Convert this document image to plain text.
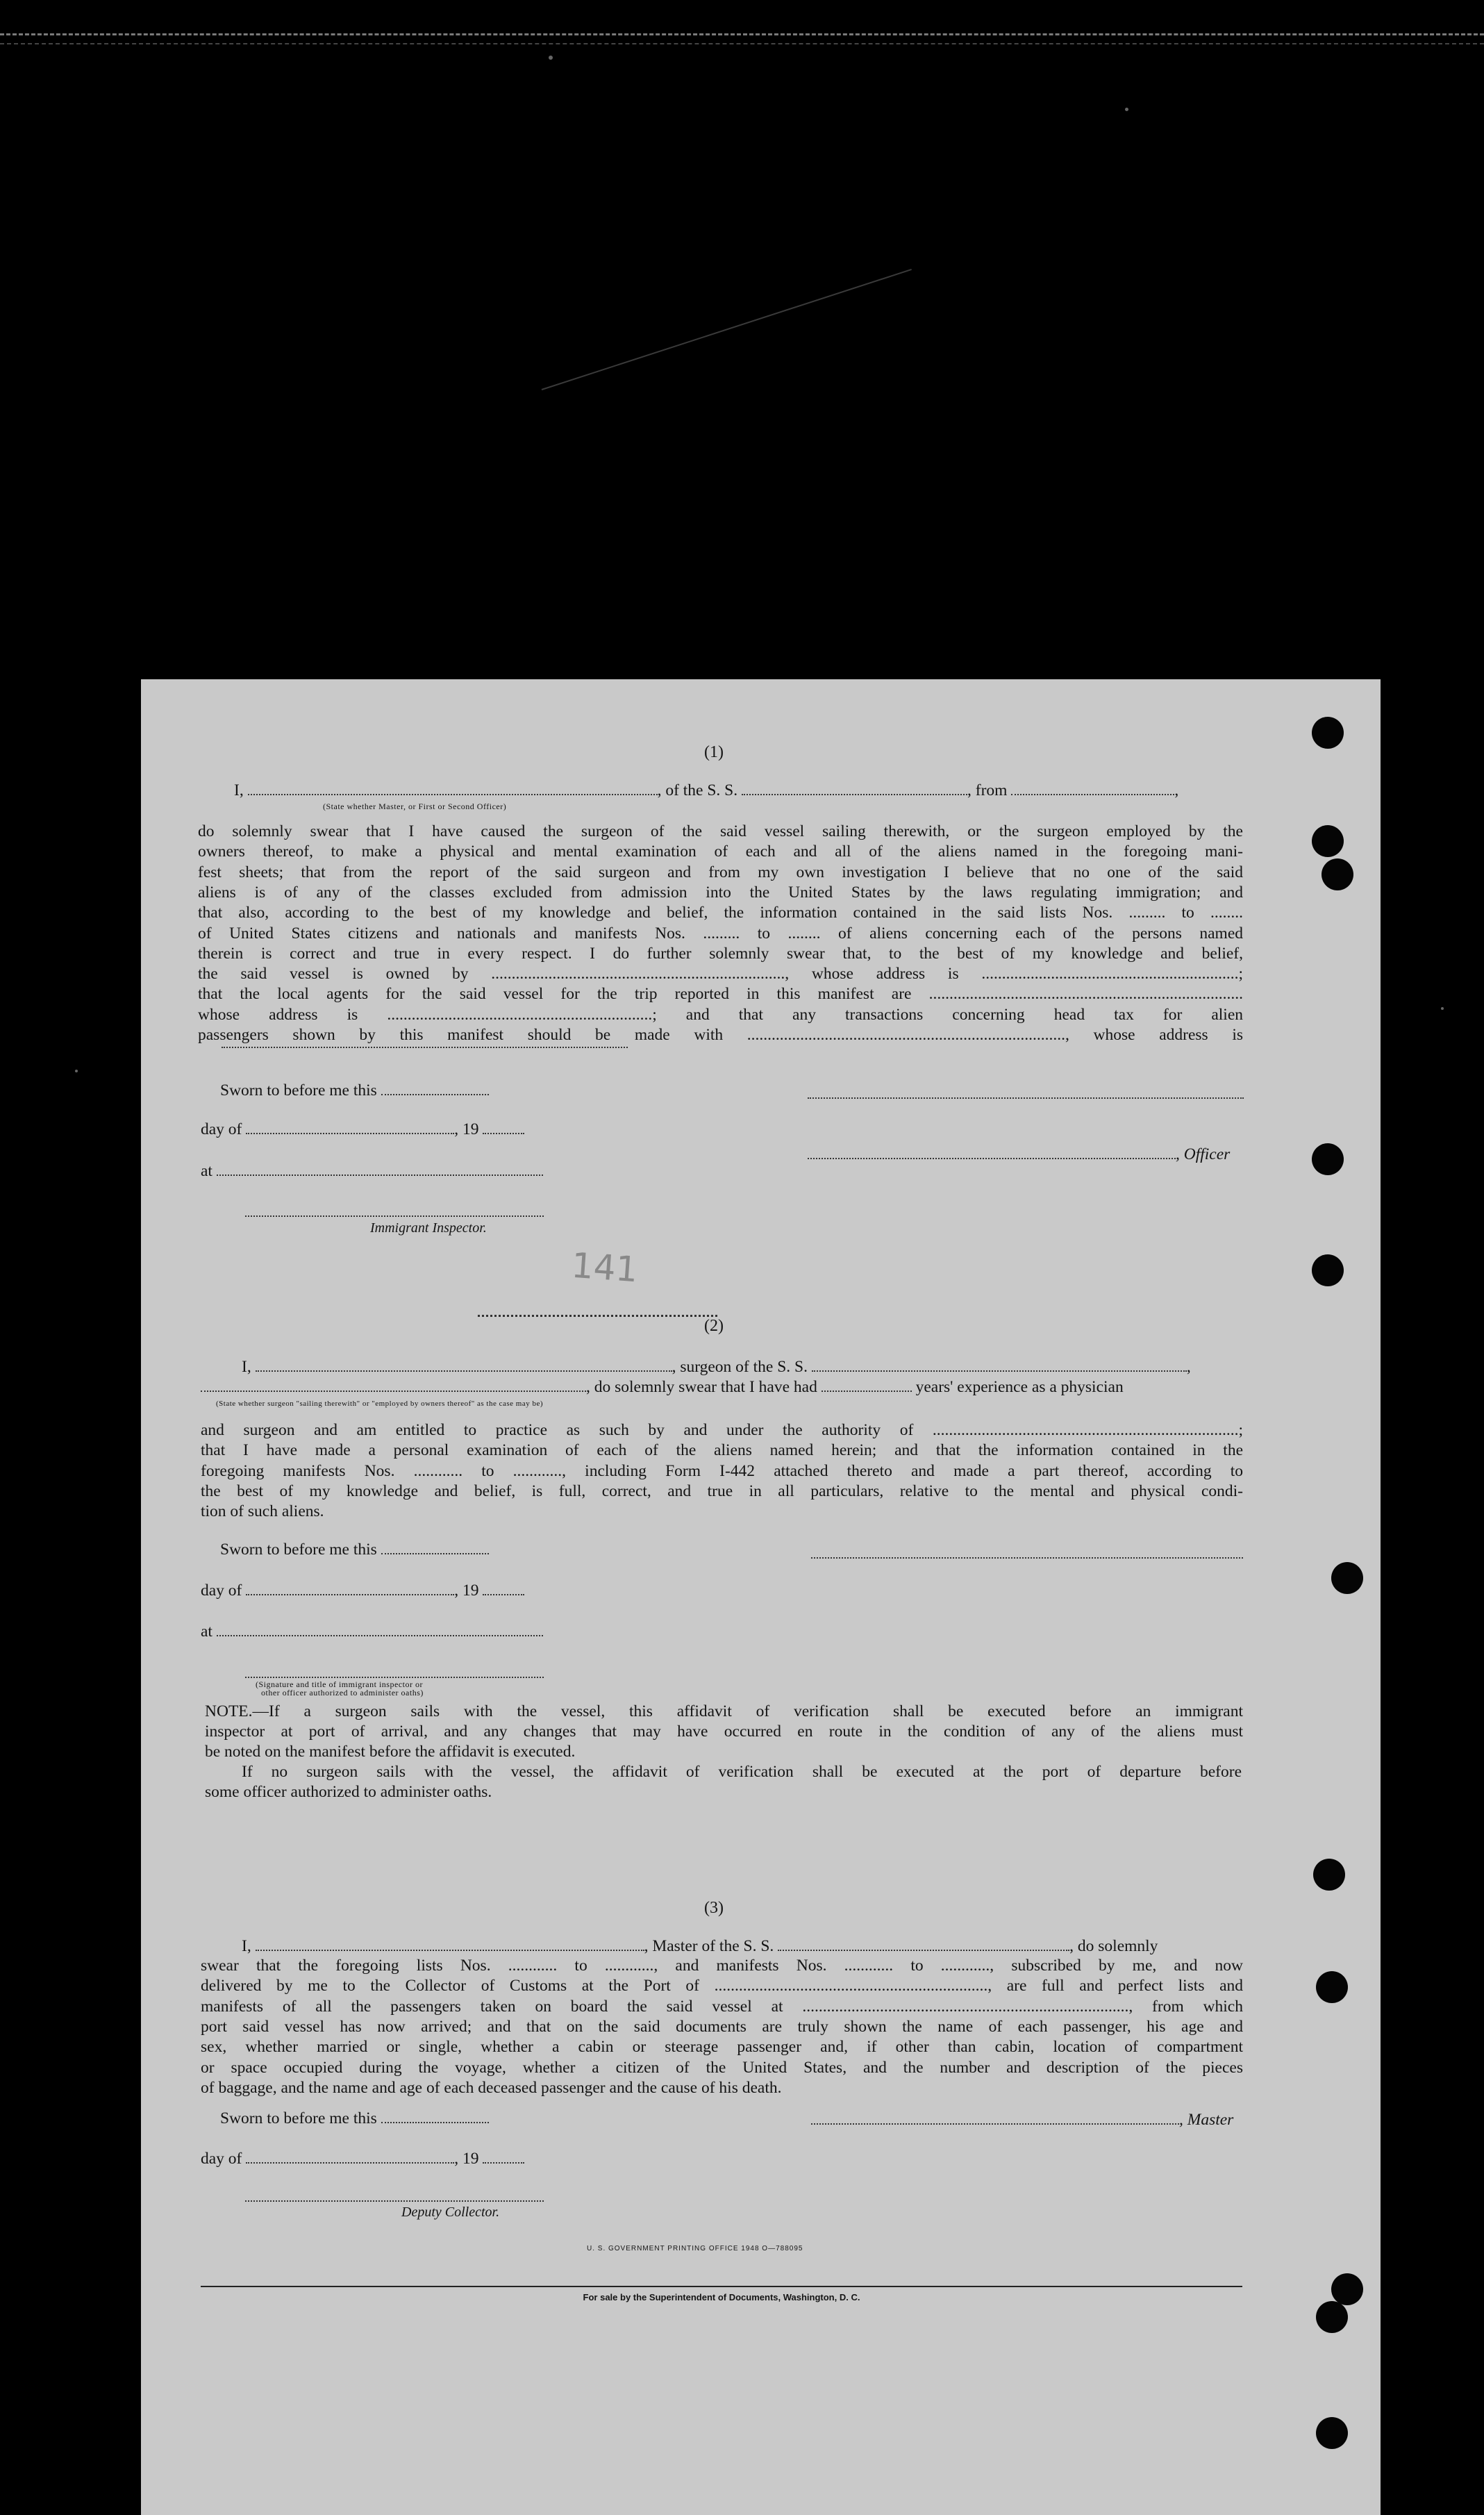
(1)
I,	, of the S. S.	, from	,
(State whether Master, or First or Second Officer)
do solemnly swear that I have caused the surgeon of the said vessel sailing therewith, or the surgeon employed by the
owners thereof, to make a physical and mental examination of each and all of the aliens named in the foregoing mani-
fest sheets; that from the report of the said surgeon and from my own investigation I believe that no one of the said
aliens is of any of the classes excluded from admission into the United States by the laws regulating immigration; and
that also, according to the best of my knowledge and belief, the information contained in the said lists Nos. ......... to ........
of United States citizens and nationals and manifests Nos. ......... to ........ of aliens concerning each of the persons named
therein is correct and true in every respect. I do further solemnly swear that, to the best of my knowledge and belief,
the said vessel is owned by ........................................................................, whose address is ...............................................................;
that the local agents for the said vessel for the trip reported in this manifest are .............................................................................
whose address is .................................................................; and that any transactions concerning head tax for alien
passengers shown by this manifest should be made with .............................................................................., whose address is
Sworn to before me this
day of	, 19
, Officer
at
Immigrant Inspector.
141
(2)
I,	, surgeon of the S. S.	,
, do solemnly swear that I have had	years' experience as a physician
(State whether surgeon "sailing therewith" or "employed by owners thereof" as the case may be)
and surgeon and am entitled to practice as such by and under the authority of ...........................................................................;
that I have made a personal examination of each of the aliens named herein; and that the information contained in the
foregoing manifests Nos. ............ to ............, including Form I-442 attached thereto and made a part thereof, according to
the best of my knowledge and belief, is full, correct, and true in all particulars, relative to the mental and physical condi-
tion of such aliens.
Sworn to before me this
day of	, 19
at
(Signature and title of immigrant inspector or
other officer authorized to administer oaths)
NOTE.—If a surgeon sails with the vessel, this affidavit of verification shall be executed before an immigrant
inspector at port of arrival, and any changes that may have occurred en route in the condition of any of the aliens must
be noted on the manifest before the affidavit is executed.
If no surgeon sails with the vessel, the affidavit of verification shall be executed at the port of departure before
some officer authorized to administer oaths.
(3)
I,	, Master of the S. S.	, do solemnly
swear that the foregoing lists Nos. ............ to ............, and manifests Nos. ............ to ............, subscribed by me, and now
delivered by me to the Collector of Customs at the Port of ..................................................................., are full and perfect lists and
manifests of all the passengers taken on board the said vessel at ................................................................................, from which
port said vessel has now arrived; and that on the said documents are truly shown the name of each passenger, his age and
sex, whether married or single, whether a cabin or steerage passenger and, if other than cabin, location of compartment
or space occupied during the voyage, whether a citizen of the United States, and the number and description of the pieces
of baggage, and the name and age of each deceased passenger and the cause of his death.
Sworn to before me this	, Master
day of	, 19
Deputy Collector.
U. S. GOVERNMENT PRINTING OFFICE 1948 O—788095
For sale by the Superintendent of Documents, Washington, D. C.
